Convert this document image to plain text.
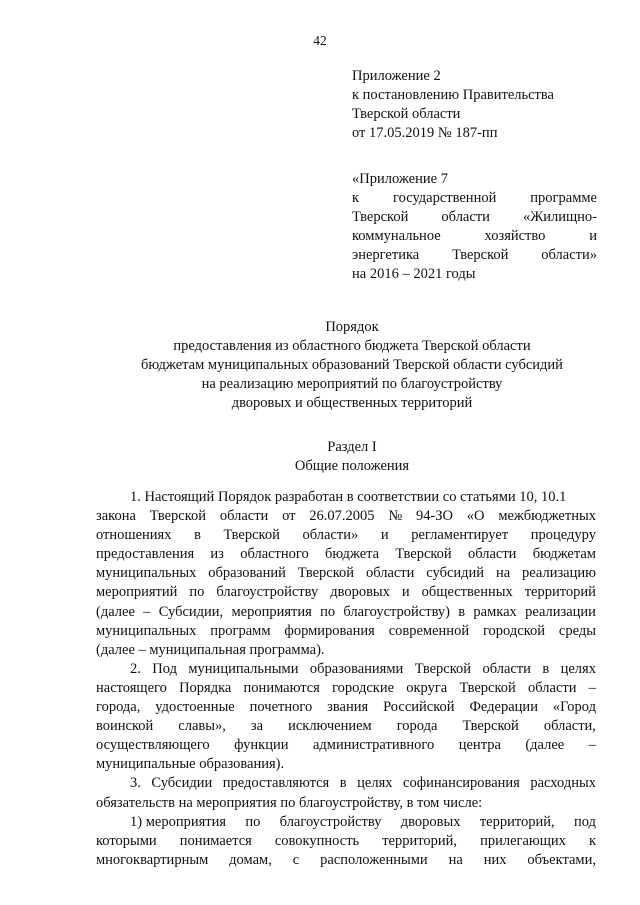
42
Приложение 2
к постановлению Правительства
Тверской области
от 17.05.2019 № 187-пп
«Приложение 7
к государственной программе
Тверской области «Жилищно-
коммунальное	хозяйство	и
энергетика Тверской области»
на 2016 – 2021 годы
Порядок
предоставления из областного бюджета Тверской области
бюджетам муниципальных образований Тверской области субсидий
на реализацию мероприятий по благоустройству
дворовых и общественных территорий
Раздел I
Общие положения
1. Настоящий Порядок разработан в соответствии со статьями 10, 10.1
закона Тверской области от 26.07.2005 № 94-ЗО «О межбюджетных
отношениях в Тверской области» и регламентирует процедуру
предоставления из областного бюджета Тверской области бюджетам
муниципальных образований Тверской области субсидий на реализацию
мероприятий по благоустройству дворовых и общественных территорий
(далее – Субсидии, мероприятия по благоустройству) в рамках реализации
муниципальных программ формирования современной городской среды
(далее – муниципальная программа).
2. Под муниципальными образованиями Тверской области в целях
настоящего Порядка понимаются городские округа Тверской области –
города, удостоенные почетного звания Российской Федерации «Город
воинской славы», за исключением города Тверской области,
осуществляющего функции административного центра (далее –
муниципальные образования).
3. Субсидии предоставляются в целях софинансирования расходных
обязательств на мероприятия по благоустройству, в том числе:
1) мероприятия по благоустройству дворовых территорий, под
которыми понимается совокупность территорий, прилегающих к
многоквартирным домам, с расположенными на них объектами,
